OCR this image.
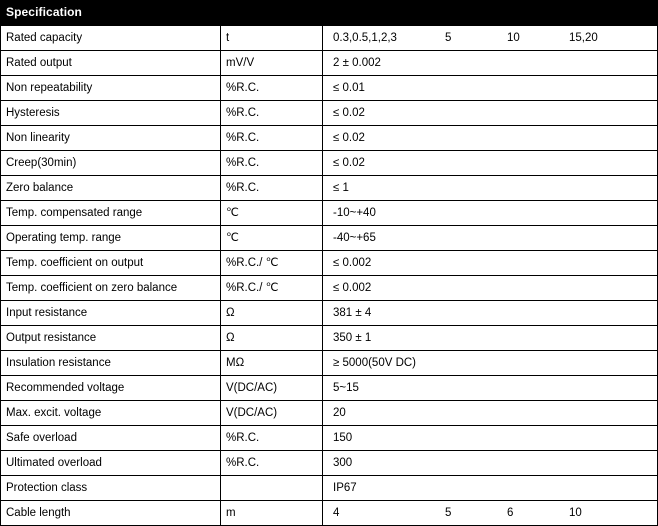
Specification	
Rated capacity	t	0.3,0.5,1,2,3 5 10 15,20

Rated output	mV/V	2 ± 0.002

Non repeatability	%R.C.	≤ 0.01

Hysteresis	%R.C.	≤ 0.02

Non linearity	%R.C.	≤ 0.02

Creep(30min)	%R.C.	≤ 0.02

Zero balance	%R.C.	≤ 1

Temp. compensated range	℃	-10~+40

Operating temp. range	℃	-40~+65

Temp. coefficient on output	%R.C./ ℃	≤ 0.002

Temp. coefficient on zero balance	%R.C./ ℃	≤ 0.002

Input resistance	Ω	381 ± 4

Output resistance	Ω	350 ± 1

Insulation resistance	MΩ	≥ 5000(50V DC)

Recommended voltage	V(DC/AC)	5~15

Max. excit. voltage	V(DC/AC)	20

Safe overload	%R.C.	150

Ultimated overload	%R.C.	300

Protection class		IP67

Cable length	m	4 5 6 10
